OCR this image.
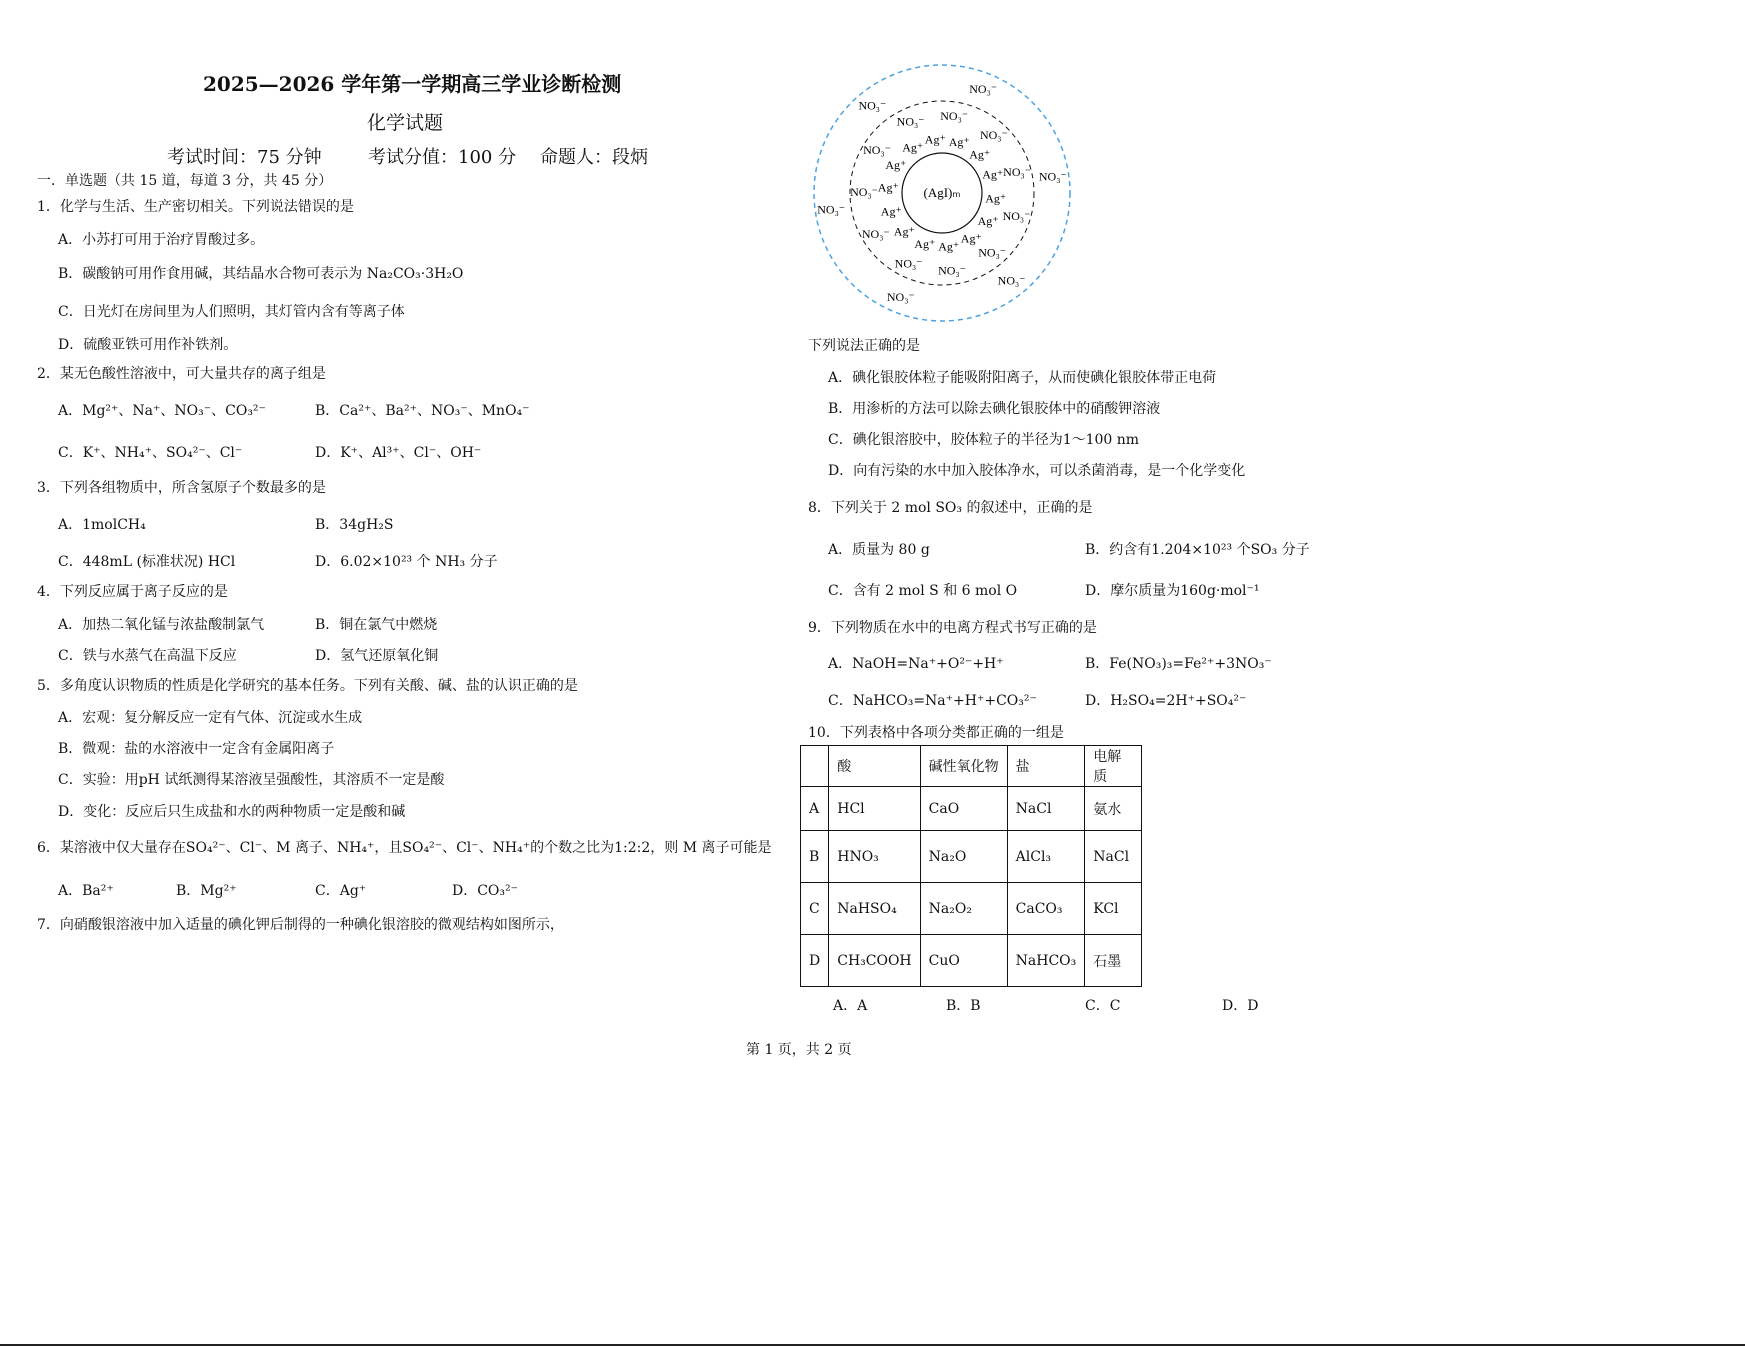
2025—2026 学年第一学期高三学业诊断检测
化学试题
考试时间：75 分钟	考试分值：100 分 命题人：段炳
一．单选题（共 15 道，每道 3 分，共 45 分）
1．化学与生活、生产密切相关。下列说法错误的是
A．小苏打可用于治疗胃酸过多。
B．碳酸钠可用作食用碱，其结晶水合物可表示为 Na₂CO₃·3H₂O
C．日光灯在房间里为人们照明，其灯管内含有等离子体
D．硫酸亚铁可用作补铁剂。
2．某无色酸性溶液中，可大量共存的离子组是
A．Mg²⁺、Na⁺、NO₃⁻、CO₃²⁻	B．Ca²⁺、Ba²⁺、NO₃⁻、MnO₄⁻
C．K⁺、NH₄⁺、SO₄²⁻、Cl⁻	D．K⁺、Al³⁺、Cl⁻、OH⁻
3．下列各组物质中，所含氢原子个数最多的是
A．1molCH₄	B．34gH₂S
C．448mL (标准状况) HCl	D．6.02×10²³ 个 NH₃ 分子
4．下列反应属于离子反应的是
A．加热二氧化锰与浓盐酸制氯气	B．铜在氯气中燃烧
C．铁与水蒸气在高温下反应	D．氢气还原氧化铜
5．多角度认识物质的性质是化学研究的基本任务。下列有关酸、碱、盐的认识正确的是
A．宏观：复分解反应一定有气体、沉淀或水生成
B．微观：盐的水溶液中一定含有金属阳离子
C．实验：用pH 试纸测得某溶液呈强酸性，其溶质不一定是酸
D．变化：反应后只生成盐和水的两种物质一定是酸和碱
6．某溶液中仅大量存在SO₄²⁻、Cl⁻、M 离子、NH₄⁺，且SO₄²⁻、Cl⁻、NH₄⁺的个数之比为1:2:2，则 M 离子可能是
A．Ba²⁺	B．Mg²⁺	C．Ag⁺	D．CO₃²⁻
7．向硝酸银溶液中加入适量的碘化钾后制得的一种碘化银溶胶的微观结构如图所示，
(AgI)ₘ Ag⁺
Ag⁺
Ag⁺
Ag⁺
Ag⁺
Ag⁺
Ag⁺
Ag⁺
Ag⁺
Ag⁺
Ag⁺ Ag⁺
Ag⁺
Ag⁺
NO₃⁻
NO₃⁻
NO₃⁻
NO₃⁻
NO₃⁻
NO₃⁻
NO₃⁻
NO₃⁻ NO₃⁻
NO₃⁻
NO₃⁻
NO₃⁻
NO₃⁻
NO₃⁻
NO₃⁻
NO₃⁻
NO₃⁻
下列说法正确的是
A．碘化银胶体粒子能吸附阳离子，从而使碘化银胶体带正电荷
B．用渗析的方法可以除去碘化银胶体中的硝酸钾溶液
C．碘化银溶胶中，胶体粒子的半径为1～100 nm
D．向有污染的水中加入胶体净水，可以杀菌消毒，是一个化学变化
8．下列关于 2 mol SO₃ 的叙述中，正确的是
A．质量为 80 g	B．约含有1.204×10²³ 个SO₃ 分子
C．含有 2 mol S 和 6 mol O	D．摩尔质量为160g·mol⁻¹
9．下列物质在水中的电离方程式书写正确的是
A．NaOH=Na⁺+O²⁻+H⁺	B．Fe(NO₃)₃=Fe²⁺+3NO₃⁻
C．NaHCO₃=Na⁺+H⁺+CO₃²⁻	D．H₂SO₄=2H⁺+SO₄²⁻
10．下列表格中各项分类都正确的一组是
	酸	碱性氧化物	盐	电解质
A	HCl	CaO	NaCl	氨水
B	HNO₃	Na₂O	AlCl₃	NaCl
C	NaHSO₄	Na₂O₂	CaCO₃	KCl
D	CH₃COOH	CuO	NaHCO₃	石墨
A．A	B．B	C．C	D．D
第 1 页，共 2 页
